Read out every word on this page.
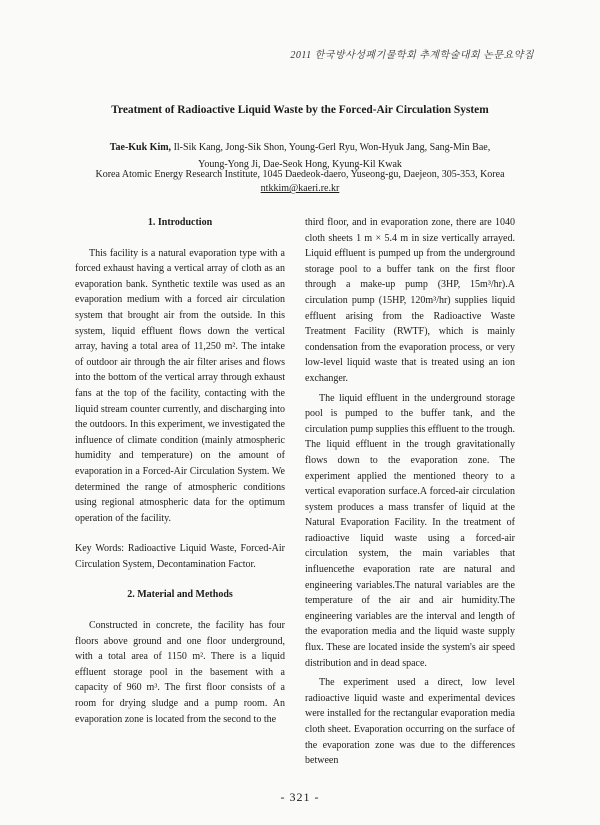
2011 한국방사성폐기물학회 추계학술대회 논문요약집
Treatment of Radioactive Liquid Waste by the Forced-Air Circulation System
Tae-Kuk Kim, Il-Sik Kang, Jong-Sik Shon, Young-Gerl Ryu, Won-Hyuk Jang, Sang-Min Bae,
Young-Yong Ji, Dae-Seok Hong, Kyung-Kil Kwak
Korea Atomic Energy Research Institute, 1045 Daedeok-daero, Yuseong-gu, Daejeon, 305-353, Korea
ntkkim@kaeri.re.kr

1. Introduction

This facility is a natural evaporation type with a forced exhaust having a vertical array of cloth as an evaporation bank. Synthetic textile was used as an evaporation medium with a forced air circulation system that brought air from the outside. In this system, liquid effluent flows down the vertical array, having a total area of 11,250 m². The intake of outdoor air through the air filter arises and flows into the bottom of the vertical array through exhaust fans at the top of the facility, contacting with the liquid stream counter currently, and discharging into the outdoors. In this experiment, we investigated the influence of climate condition (mainly atmospheric humidity and temperature) on the amount of evaporation in a Forced-Air Circulation System. We determined the range of atmospheric conditions using regional atmospheric data for the optimum operation of the facility.

Key Words: Radioactive Liquid Waste, Forced-Air Circulation System, Decontamination Factor.

2. Material and Methods

Constructed in concrete, the facility has four floors above ground and one floor underground, with a total area of 1150 m². There is a liquid effluent storage pool in the basement with a capacity of 960 m³. The first floor consists of a room for drying sludge and a pump room. An evaporation zone is located from the second to the

third floor, and in evaporation zone, there are 1040 cloth sheets 1 m × 5.4 m in size vertically arrayed. Liquid effluent is pumped up from the underground storage pool to a buffer tank on the first floor through a make-up pump (3HP, 15m³/hr).A circulation pump (15HP, 120m³/hr) supplies liquid effluent arising from the Radioactive Waste Treatment Facility (RWTF), which is mainly condensation from the evaporation process, or very low-level liquid waste that is treated using an ion exchanger.

The liquid effluent in the underground storage pool is pumped to the buffer tank, and the circulation pump supplies this effluent to the trough. The liquid effluent in the trough gravitationally flows down to the evaporation zone. The experiment applied the mentioned theory to a vertical evaporation surface.A forced-air circulation system produces a mass transfer of liquid at the Natural Evaporation Facility. In the treatment of radioactive liquid waste using a forced-air circulation system, the main variables that influencethe evaporation rate are natural and engineering variables.The natural variables are the temperature of the air and air humidity.The engineering variables are the interval and length of the evaporation media and the liquid waste supply flux. These are located inside the system's air speed distribution and in dead space.

The experiment used a direct, low level radioactive liquid waste and experimental devices were installed for the rectangular evaporation media cloth sheet. Evaporation occurring on the surface of the evaporation zone was due to the differences between

- 321 -
